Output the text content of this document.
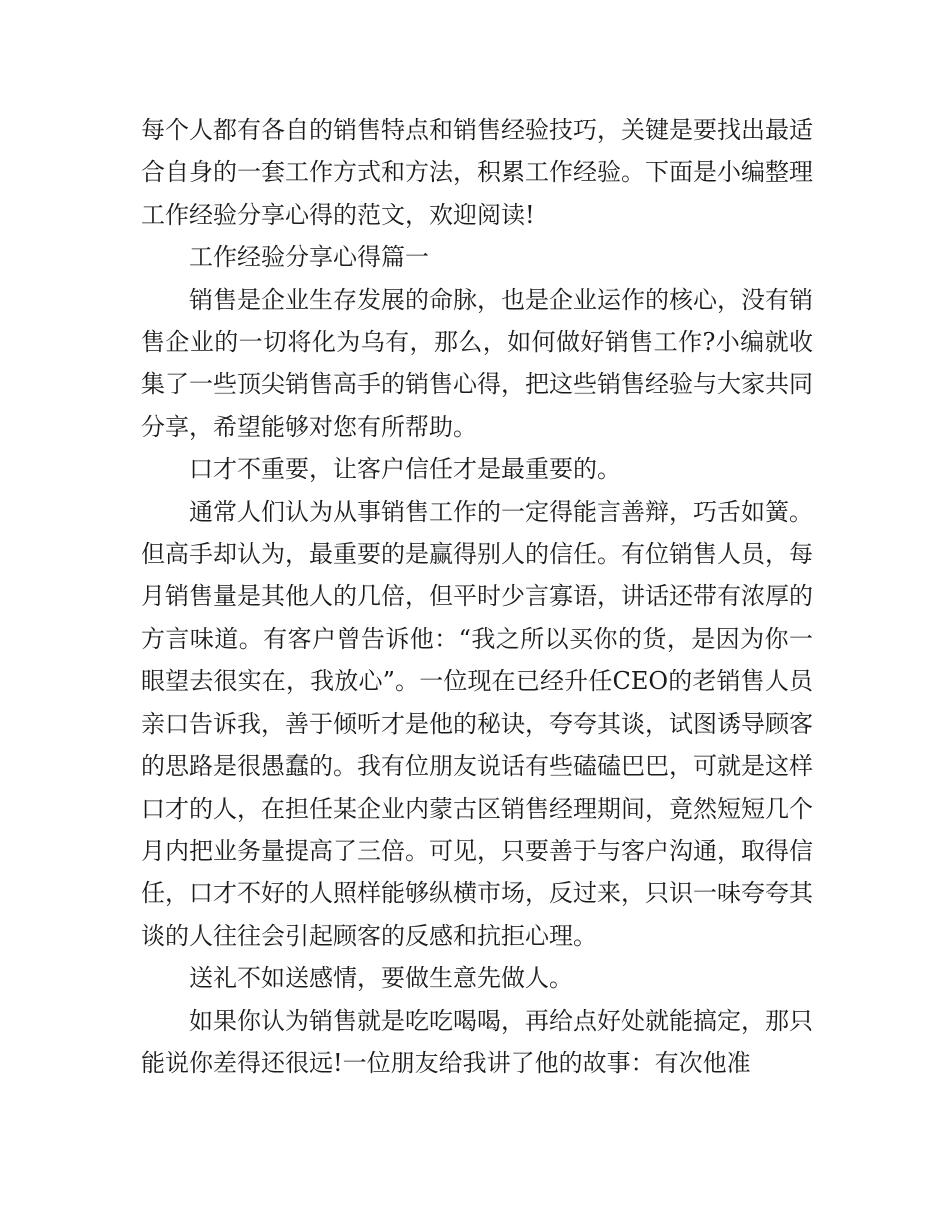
每个人都有各自的销售特点和销售经验技巧，关键是要找出最适合自身的一套工作方式和方法，积累工作经验。下面是小编整理工作经验分享心得的范文，欢迎阅读!

工作经验分享心得篇一

销售是企业生存发展的命脉，也是企业运作的核心，没有销售企业的一切将化为乌有，那么，如何做好销售工作?小编就收集了一些顶尖销售高手的销售心得，把这些销售经验与大家共同分享，希望能够对您有所帮助。

口才不重要，让客户信任才是最重要的。

通常人们认为从事销售工作的一定得能言善辩，巧舌如簧。但高手却认为，最重要的是赢得别人的信任。有位销售人员，每月销售量是其他人的几倍，但平时少言寡语，讲话还带有浓厚的方言味道。有客户曾告诉他：“我之所以买你的货，是因为你一眼望去很实在，我放心”。一位现在已经升任CEO的老销售人员亲口告诉我，善于倾听才是他的秘诀，夸夸其谈，试图诱导顾客的思路是很愚蠢的。我有位朋友说话有些磕磕巴巴，可就是这样口才的人，在担任某企业内蒙古区销售经理期间，竟然短短几个月内把业务量提高了三倍。可见，只要善于与客户沟通，取得信任，口才不好的人照样能够纵横市场，反过来，只识一味夸夸其谈的人往往会引起顾客的反感和抗拒心理。

送礼不如送感情，要做生意先做人。

如果你认为销售就是吃吃喝喝，再给点好处就能搞定，那只能说你差得还很远!一位朋友给我讲了他的故事：有次他准
